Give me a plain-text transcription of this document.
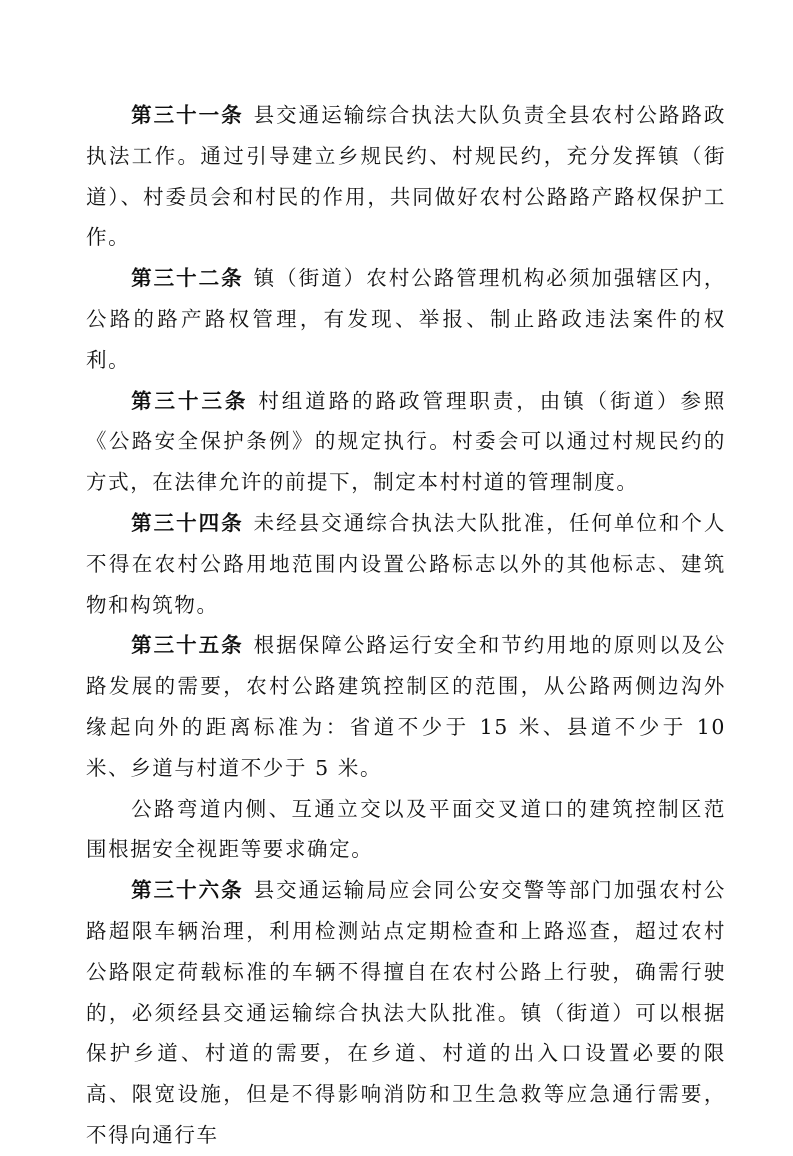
第三十一条 县交通运输综合执法大队负责全县农村公路路政执法工作。通过引导建立乡规民约、村规民约，充分发挥镇（街道）、村委员会和村民的作用，共同做好农村公路路产路权保护工作。

第三十二条 镇（街道）农村公路管理机构必须加强辖区内，公路的路产路权管理，有发现、举报、制止路政违法案件的权利。

第三十三条 村组道路的路政管理职责，由镇（街道）参照《公路安全保护条例》的规定执行。村委会可以通过村规民约的方式，在法律允许的前提下，制定本村村道的管理制度。

第三十四条 未经县交通综合执法大队批准，任何单位和个人不得在农村公路用地范围内设置公路标志以外的其他标志、建筑物和构筑物。

第三十五条 根据保障公路运行安全和节约用地的原则以及公路发展的需要，农村公路建筑控制区的范围，从公路两侧边沟外缘起向外的距离标准为：省道不少于 15 米、县道不少于 10 米、乡道与村道不少于 5 米。

公路弯道内侧、互通立交以及平面交叉道口的建筑控制区范围根据安全视距等要求确定。

第三十六条 县交通运输局应会同公安交警等部门加强农村公路超限车辆治理，利用检测站点定期检查和上路巡查，超过农村公路限定荷载标准的车辆不得擅自在农村公路上行驶，确需行驶的，必须经县交通运输综合执法大队批准。镇（街道）可以根据保护乡道、村道的需要，在乡道、村道的出入口设置必要的限高、限宽设施，但是不得影响消防和卫生急救等应急通行需要，不得向通行车
